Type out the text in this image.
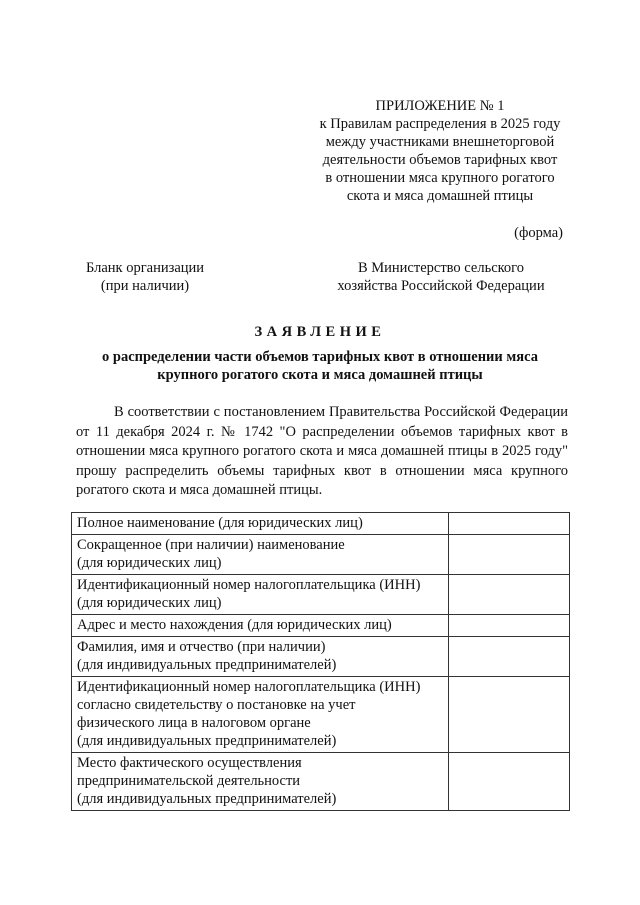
ПРИЛОЖЕНИЕ № 1
к Правилам распределения в 2025 году
между участниками внешнеторговой
деятельности объемов тарифных квот
в отношении мяса крупного рогатого
скота и мяса домашней птицы
(форма)
Бланк организации
(при наличии)
В Министерство сельского
хозяйства Российской Федерации
ЗАЯВЛЕНИЕ
о распределении части объемов тарифных квот в отношении мяса
крупного рогатого скота и мяса домашней птицы
В соответствии с постановлением Правительства Российской Федерации от 11 декабря 2024 г. № 1742 "О распределении объемов тарифных квот в отношении мяса крупного рогатого скота и мяса домашней птицы в 2025 году" прошу распределить объемы тарифных квот в отношении мяса крупного рогатого скота и мяса домашней птицы.
Полное наименование (для юридических лиц)	

Сокращенное (при наличии) наименование
(для юридических лиц)	

Идентификационный номер налогоплательщика (ИНН)
(для юридических лиц)	

Адрес и место нахождения (для юридических лиц)	

Фамилия, имя и отчество (при наличии)
(для индивидуальных предпринимателей)	

Идентификационный номер налогоплательщика (ИНН)
согласно свидетельству о постановке на учет
физического лица в налоговом органе
(для индивидуальных предпринимателей)	

Место фактического осуществления
предпринимательской деятельности
(для индивидуальных предпринимателей)	
